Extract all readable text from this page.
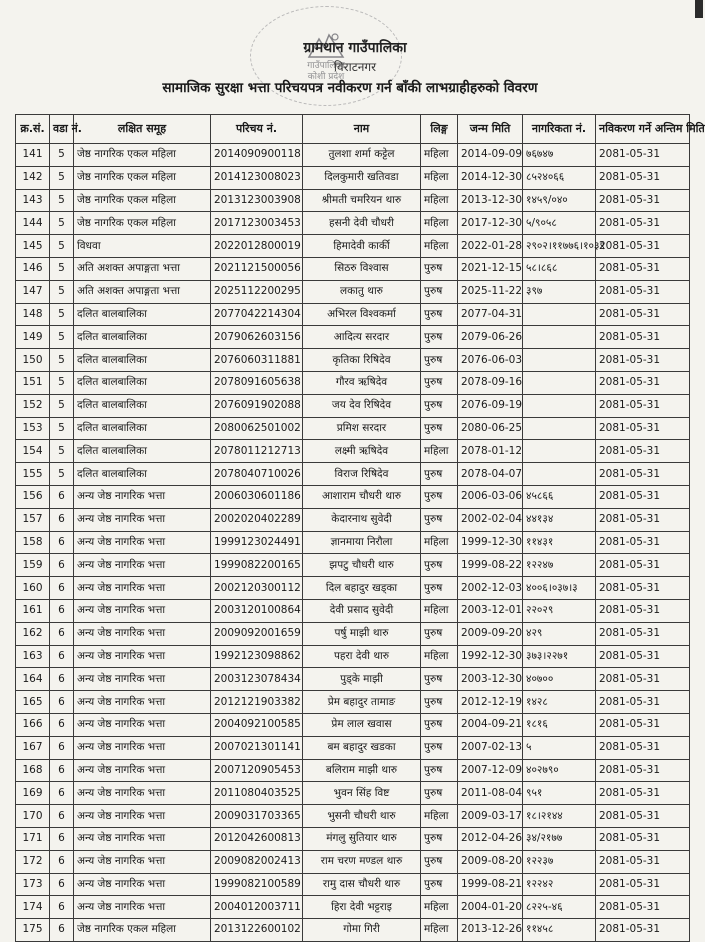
गाउँपालिका
कोशी प्रदेश
ग्रामथान गाउँपालिका
विराटनगर
सामाजिक सुरक्षा भत्ता परिचयपत्र नवीकरण गर्न बाँकी लाभग्राहीहरुको विवरण
क्र.सं.	वडा नं.	लक्षित समूह	परिचय नं.	नाम	लिङ्ग	जन्म मिति	नागरिकता नं.	नविकरण गर्ने अन्तिम मिति
141	5	जेष्ठ नागरिक एकल महिला	2014090900118	तुलशा शर्मा कट्टेल	महिला	2014-09-09	७६७४७	2081-05-31
142	5	जेष्ठ नागरिक एकल महिला	2014123008023	दिलकुमारी खतिवडा	महिला	2014-12-30	८५२४०६६	2081-05-31
143	5	जेष्ठ नागरिक एकल महिला	2013123003908	श्रीमती चमरियन थारु	महिला	2013-12-30	१४५९/०४०	2081-05-31
144	5	जेष्ठ नागरिक एकल महिला	2017123003453	हसनी देवी चौधरी	महिला	2017-12-30	५/९०५८	2081-05-31
145	5	विधवा	2022012800019	हिमादेवी कार्की	महिला	2022-01-28	२९०२।११७७६।१०३९	2081-05-31
146	5	अति अशक्त अपाङ्गता भत्ता	2021121500056	सिठरु विश्वास	पुरुष	2021-12-15	५८।८६८	2081-05-31
147	5	अति अशक्त अपाङ्गता भत्ता	2025112200295	लकातु थारु	पुरुष	2025-11-22	३९७	2081-05-31
148	5	दलित बालबालिका	2077042214304	अभिरल विश्वकर्मा	पुरुष	2077-04-31		2081-05-31
149	5	दलित बालबालिका	2079062603156	आदित्य सरदार	पुरुष	2079-06-26		2081-05-31
150	5	दलित बालबालिका	2076060311881	कृतिका रिषिदेव	पुरुष	2076-06-03		2081-05-31
151	5	दलित बालबालिका	2078091605638	गौरव ऋषिदेव	पुरुष	2078-09-16		2081-05-31
152	5	दलित बालबालिका	2076091902088	जय देव रिषिदेव	पुरुष	2076-09-19		2081-05-31
153	5	दलित बालबालिका	2080062501002	प्रमिश सरदार	पुरुष	2080-06-25		2081-05-31
154	5	दलित बालबालिका	2078011212713	लक्ष्मी ऋषिदेव	महिला	2078-01-12		2081-05-31
155	5	दलित बालबालिका	2078040710026	विराज रिषिदेव	पुरुष	2078-04-07		2081-05-31
156	6	अन्य जेष्ठ नागरिक भत्ता	2006030601186	आशाराम चौधरी थारु	पुरुष	2006-03-06	४५८६६	2081-05-31
157	6	अन्य जेष्ठ नागरिक भत्ता	2002020402289	केदारनाथ सुवेदी	पुरुष	2002-02-04	४४१३४	2081-05-31
158	6	अन्य जेष्ठ नागरिक भत्ता	1999123024491	ज्ञानमाया निरौला	महिला	1999-12-30	११४३१	2081-05-31
159	6	अन्य जेष्ठ नागरिक भत्ता	1999082200165	झपटु चौधरी थारु	पुरुष	1999-08-22	१२२४७	2081-05-31
160	6	अन्य जेष्ठ नागरिक भत्ता	2002120300112	दिल बहादुर खड्का	पुरुष	2002-12-03	४००६।०३७।३	2081-05-31
161	6	अन्य जेष्ठ नागरिक भत्ता	2003120100864	देवी प्रसाद सुवेदी	महिला	2003-12-01	२२०२९	2081-05-31
162	6	अन्य जेष्ठ नागरिक भत्ता	2009092001659	पर्षु माझी थारु	पुरुष	2009-09-20	४२९	2081-05-31
163	6	अन्य जेष्ठ नागरिक भत्ता	1992123098862	पहरा देवी थारु	महिला	1992-12-30	३७३।२२७१	2081-05-31
164	6	अन्य जेष्ठ नागरिक भत्ता	2003123078434	पुड्के माझी	पुरुष	2003-12-30	४०७००	2081-05-31
165	6	अन्य जेष्ठ नागरिक भत्ता	2012121903382	प्रेम बहादुर तामाङ	पुरुष	2012-12-19	१४२८	2081-05-31
166	6	अन्य जेष्ठ नागरिक भत्ता	2004092100585	प्रेम लाल खवास	पुरुष	2004-09-21	१८१६	2081-05-31
167	6	अन्य जेष्ठ नागरिक भत्ता	2007021301141	बम बहादुर खडका	पुरुष	2007-02-13	५	2081-05-31
168	6	अन्य जेष्ठ नागरिक भत्ता	2007120905453	बलिराम माझी थारु	पुरुष	2007-12-09	४०२७९०	2081-05-31
169	6	अन्य जेष्ठ नागरिक भत्ता	2011080403525	भुवन सिंह विष्ट	पुरुष	2011-08-04	९५१	2081-05-31
170	6	अन्य जेष्ठ नागरिक भत्ता	2009031703365	भुसनी चौधरी थारु	महिला	2009-03-17	१८।२१४४	2081-05-31
171	6	अन्य जेष्ठ नागरिक भत्ता	2012042600813	मंगलु सुतियार थारु	पुरुष	2012-04-26	३४/२१७७	2081-05-31
172	6	अन्य जेष्ठ नागरिक भत्ता	2009082002413	राम चरण मण्डल थारु	पुरुष	2009-08-20	१२२३७	2081-05-31
173	6	अन्य जेष्ठ नागरिक भत्ता	1999082100589	रामु दास चौधरी थारु	पुरुष	1999-08-21	१२२४२	2081-05-31
174	6	अन्य जेष्ठ नागरिक भत्ता	2004012003711	हिरा देवी भट्टराइ	महिला	2004-01-20	८२२५-४६	2081-05-31
175	6	जेष्ठ नागरिक एकल महिला	2013122600102	गोमा गिरी	महिला	2013-12-26	११४५८	2081-05-31
